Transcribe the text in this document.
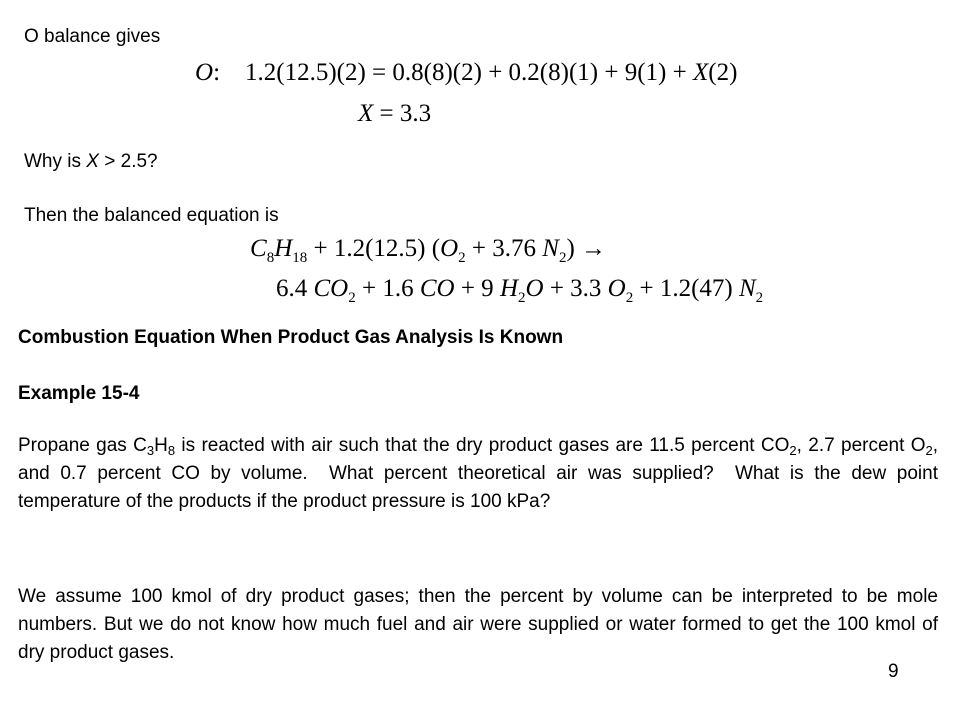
O balance gives
O:    1.2(12.5)(2) = 0.8(8)(2) + 0.2(8)(1) + 9(1) + X(2)
X = 3.3
Why is X > 2.5?
Then the balanced equation is
$C_8H_{18} + 1.2(12.5) (O_2 + 3.76$ $N_2$) →
6.4 $CO_2 + 1.6$ CO + 9 $H_2O + 3.3$ $O_2 + 1.2(47)$ $N_2$
Combustion Equation When Product Gas Analysis Is Known
Example 15-4
Propane gas $C_3H_8$ is reacted with air such that the dry product gases are 11.5 percent $CO_2$, 2.7 percent $O_2$, and 0.7 percent CO by volume.  What percent theoretical air was supplied?  What is the dew point temperature of the products if the product pressure is 100 kPa?
We assume 100 kmol of dry product gases; then the percent by volume can be interpreted to be mole numbers. But we do not know how much fuel and air were supplied or water formed to get the 100 kmol of dry product gases.
9
